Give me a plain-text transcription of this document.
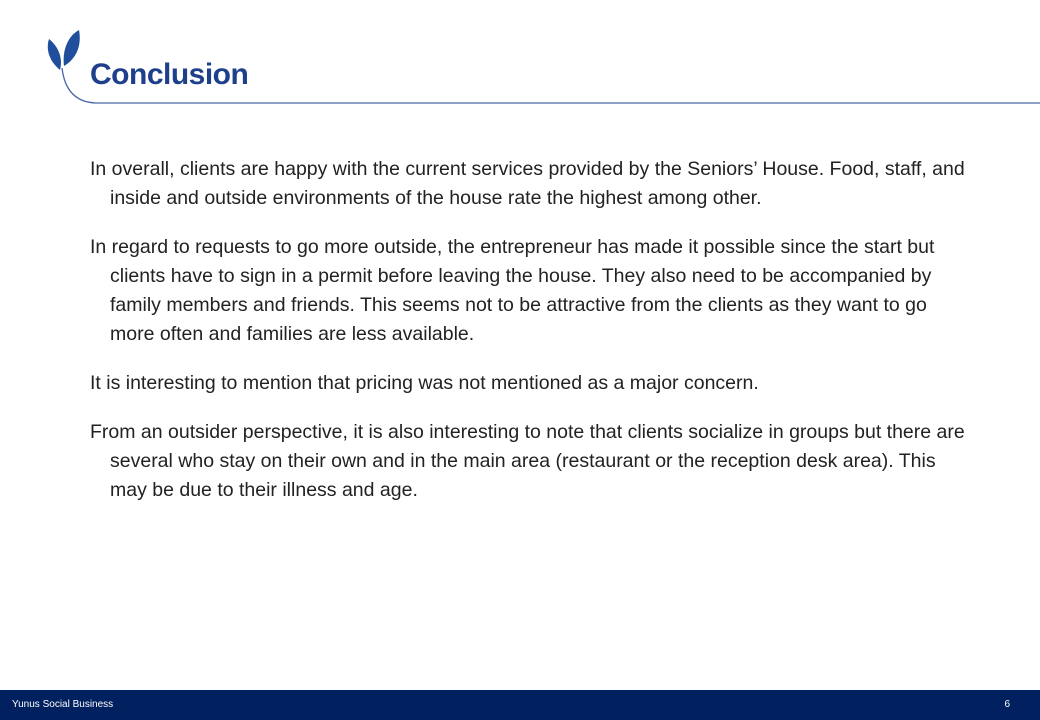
Conclusion

In overall, clients are happy with the current services provided by the Seniors’ House. Food, staff, and inside and outside environments of the house rate the highest among other.

In regard to requests to go more outside, the entrepreneur has made it possible since the start but clients have to sign in a permit before leaving the house. They also need to be accompanied by family members and friends. This seems not to be attractive from the clients as they want to go more often and families are less available.

It is interesting to mention that pricing was not mentioned as a major concern.

From an outsider perspective, it is also interesting to note that clients socialize in groups but there are several who stay on their own and in the main area (restaurant or the reception desk area). This may be due to their illness and age.

Yunus Social Business	6
